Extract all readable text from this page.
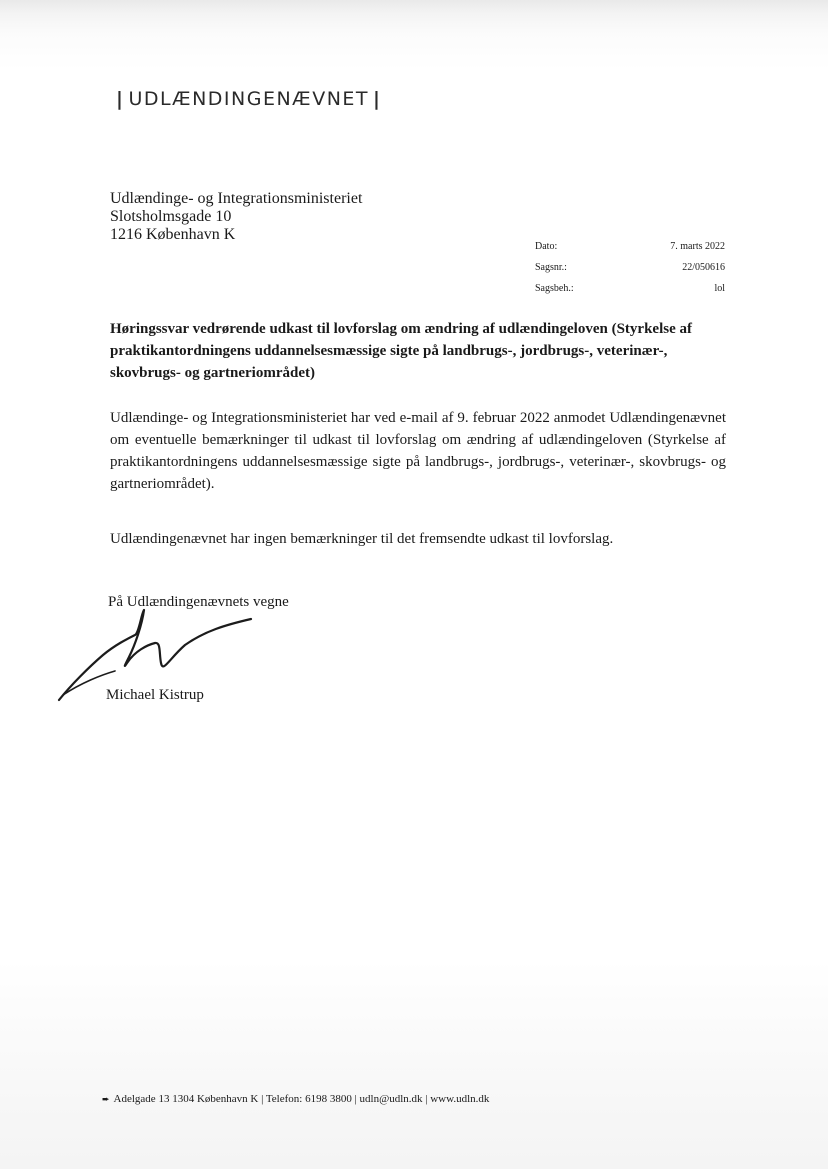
| UDLÆNDINGENÆVNET |
Udlændinge- og Integrationsministeriet
Slotsholmsgade 10
1216 København K
Dato:	7. marts 2022
Sagsnr.:	22/050616
Sagsbeh.:	lol
Høringssvar vedrørende udkast til lovforslag om ændring af udlændingeloven (Styrkelse af praktikantordningens uddannelsesmæssige sigte på landbrugs-, jordbrugs-, veterinær-, skovbrugs- og gartneriområdet)
Udlændinge- og Integrationsministeriet har ved e-mail af 9. februar 2022 anmodet Udlændingenævnet om eventuelle bemærkninger til udkast til lovforslag om ændring af udlændingeloven (Styrkelse af praktikantordningens uddannelsesmæssige sigte på landbrugs-, jordbrugs-, veterinær-, skovbrugs- og gartneriområdet).
Udlændingenævnet har ingen bemærkninger til det fremsendte udkast til lovforslag.
På Udlændingenævnets vegne
Michael Kistrup
➨ Adelgade 13 1304 København K | Telefon: 6198 3800 | udln@udln.dk | www.udln.dk
